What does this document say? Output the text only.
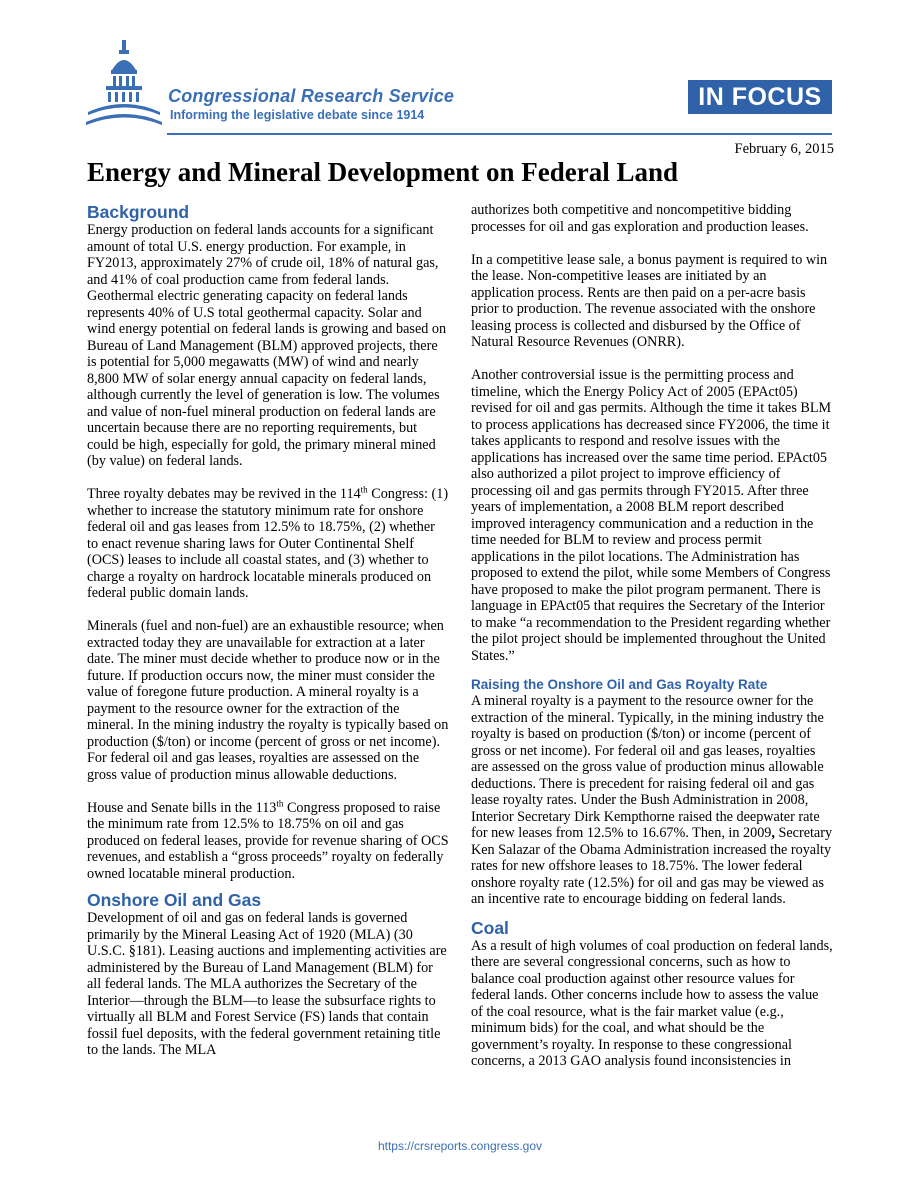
Congressional Research Service
Informing the legislative debate since 1914
IN FOCUS
February 6, 2015
Energy and Mineral Development on Federal Land
Background

Energy production on federal lands accounts for a significant amount of total U.S. energy production. For example, in FY2013, approximately 27% of crude oil, 18% of natural gas, and 41% of coal production came from federal lands. Geothermal electric generating capacity on federal lands represents 40% of U.S total geothermal capacity. Solar and wind energy potential on federal lands is growing and based on Bureau of Land Management (BLM) approved projects, there is potential for 5,000 megawatts (MW) of wind and nearly 8,800 MW of solar energy annual capacity on federal lands, although currently the level of generation is low. The volumes and value of non-fuel mineral production on federal lands are uncertain because there are no reporting requirements, but could be high, especially for gold, the primary mineral mined (by value) on federal lands.

Three royalty debates may be revived in the 114th Congress: (1) whether to increase the statutory minimum rate for onshore federal oil and gas leases from 12.5% to 18.75%, (2) whether to enact revenue sharing laws for Outer Continental Shelf (OCS) leases to include all coastal states, and (3) whether to charge a royalty on hardrock locatable minerals produced on federal public domain lands.

Minerals (fuel and non-fuel) are an exhaustible resource; when extracted today they are unavailable for extraction at a later date. The miner must decide whether to produce now or in the future. If production occurs now, the miner must consider the value of foregone future production. A mineral royalty is a payment to the resource owner for the extraction of the mineral. In the mining industry the royalty is typically based on production ($/ton) or income (percent of gross or net income). For federal oil and gas leases, royalties are assessed on the gross value of production minus allowable deductions.

House and Senate bills in the 113th Congress proposed to raise the minimum rate from 12.5% to 18.75% on oil and gas produced on federal leases, provide for revenue sharing of OCS revenues, and establish a “gross proceeds” royalty on federally owned locatable mineral production.

Onshore Oil and Gas

Development of oil and gas on federal lands is governed primarily by the Mineral Leasing Act of 1920 (MLA) (30 U.S.C. §181). Leasing auctions and implementing activities are administered by the Bureau of Land Management (BLM) for all federal lands. The MLA authorizes the Secretary of the Interior—through the BLM—to lease the subsurface rights to virtually all BLM and Forest Service (FS) lands that contain fossil fuel deposits, with the federal government retaining title to the lands. The MLA

authorizes both competitive and noncompetitive bidding processes for oil and gas exploration and production leases.

In a competitive lease sale, a bonus payment is required to win the lease. Non-competitive leases are initiated by an application process. Rents are then paid on a per-acre basis prior to production. The revenue associated with the onshore leasing process is collected and disbursed by the Office of Natural Resource Revenues (ONRR).

Another controversial issue is the permitting process and timeline, which the Energy Policy Act of 2005 (EPAct05) revised for oil and gas permits. Although the time it takes BLM to process applications has decreased since FY2006, the time it takes applicants to respond and resolve issues with the applications has increased over the same time period. EPAct05 also authorized a pilot project to improve efficiency of processing oil and gas permits through FY2015. After three years of implementation, a 2008 BLM report described improved interagency communication and a reduction in the time needed for BLM to review and process permit applications in the pilot locations. The Administration has proposed to extend the pilot, while some Members of Congress have proposed to make the pilot program permanent. There is language in EPAct05 that requires the Secretary of the Interior to make “a recommendation to the President regarding whether the pilot project should be implemented throughout the United States.”

Raising the Onshore Oil and Gas Royalty Rate

A mineral royalty is a payment to the resource owner for the extraction of the mineral. Typically, in the mining industry the royalty is based on production ($/ton) or income (percent of gross or net income). For federal oil and gas leases, royalties are assessed on the gross value of production minus allowable deductions. There is precedent for raising federal oil and gas lease royalty rates. Under the Bush Administration in 2008, Interior Secretary Dirk Kempthorne raised the deepwater rate for new leases from 12.5% to 16.67%. Then, in 2009, Secretary Ken Salazar of the Obama Administration increased the royalty rates for new offshore leases to 18.75%. The lower federal onshore royalty rate (12.5%) for oil and gas may be viewed as an incentive rate to encourage bidding on federal lands.

Coal

As a result of high volumes of coal production on federal lands, there are several congressional concerns, such as how to balance coal production against other resource values for federal lands. Other concerns include how to assess the value of the coal resource, what is the fair market value (e.g., minimum bids) for the coal, and what should be the government’s royalty. In response to these congressional concerns, a 2013 GAO analysis found inconsistencies in

https://crsreports.congress.gov
